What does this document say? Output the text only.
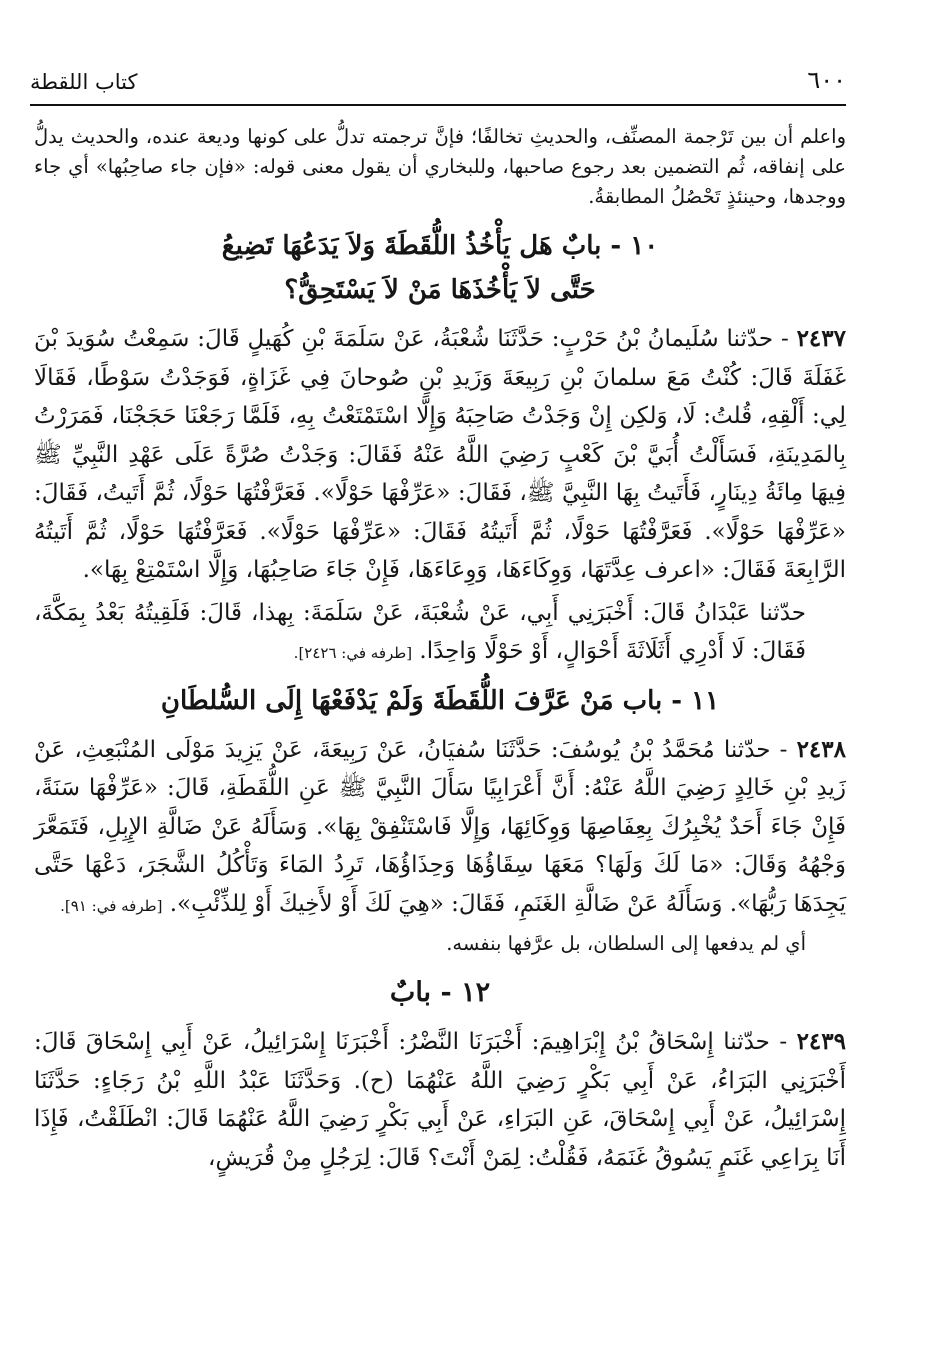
٦٠٠
كتاب اللقطة

واعلم أن بين تَرْجمة المصنِّف، والحديثِ تخالفًا؛ فإنَّ ترجمته تدلُّ على كونها وديعة عنده، والحديث يدلُّ على إنفاقه، ثُم التضمين بعد رجوع صاحبها، وللبخاري أن يقول معنى قوله: «فإن جاء صاحِبُها» أي جاء ووجدها، وحينئذٍ تَحْصُلُ المطابقةُ.

١٠ - بابٌ هَل يَأْخُذُ اللُّقَطَةَ وَلاَ يَدَعُهَا تَضِيعُ
حَتَّى لاَ يَأْخُذَهَا مَنْ لاَ يَسْتَحِقُّ؟

٢٤٣٧ - حدّثنا سُلَيمانُ بْنُ حَرْبٍ: حَدَّثَنَا شُعْبَةُ، عَنْ سَلَمَةَ بْنِ كُهَيلٍ قَالَ: سَمِعْتُ سُوَيدَ بْنَ غَفَلَةَ قَالَ: كُنْتُ مَعَ سلمانَ بْنِ رَبِيعَةَ وَزَيدِ بْنِ صُوحانَ فِي غَزَاةٍ، فَوَجَدْتُ سَوْطًا، فَقَالَا لِي: أَلْقِهِ، قُلتُ: لَا، وَلكِن إِنْ وَجَدْتُ صَاحِبَهُ وَإِلَّا اسْتَمْتَعْتُ بِهِ، فَلَمَّا رَجَعْنَا حَجَجْنَا، فَمَرَرْتُ بِالمَدِينَةِ، فَسَأَلْتُ أُبَيَّ بْنَ كَعْبٍ رَضِيَ اللَّهُ عَنْهُ فَقَالَ: وَجَدْتُ صُرَّةً عَلَى عَهْدِ النَّبِيِّ ﷺ فِيهَا مِائَةُ دِينَارٍ، فَأَتَيتُ بِهَا النَّبِيَّ ﷺ، فَقَالَ: «عَرِّفْهَا حَوْلًا». فَعَرَّفْتُهَا حَوْلًا، ثُمَّ أَتَيتُ، فَقَالَ: «عَرِّفْهَا حَوْلًا». فَعَرَّفْتُهَا حَوْلًا، ثُمَّ أَتَيتُهُ فَقَالَ: «عَرِّفْهَا حَوْلًا». فَعَرَّفْتُهَا حَوْلًا، ثُمَّ أَتَيتُهُ الرَّابِعَةَ فَقَالَ: «اعرف عِدَّتَهَا، وَوِكَاءَهَا، وَوِعَاءَهَا، فَإِنْ جَاءَ صَاحِبُهَا، وَإِلَّا اسْتَمْتِعْ بِهَا».

حدّثنا عَبْدَانُ قَالَ: أَخْبَرَنِي أَبِي، عَنْ شُعْبَةَ، عَنْ سَلَمَةَ: بِهذا، قَالَ: فَلَقِيتُهُ بَعْدُ بِمَكَّةَ، فَقَالَ: لَا أَدْرِي أَثَلَاثَةَ أَحْوَالٍ، أَوْ حَوْلًا وَاحِدًا. [طرفه في: ٢٤٢٦].

١١ - باب مَنْ عَرَّفَ اللُّقَطَةَ وَلَمْ يَدْفَعْهَا إِلَى السُّلطَانِ

٢٤٣٨ - حدّثنا مُحَمَّدُ بْنُ يُوسُفَ: حَدَّثَنَا سُفيَانُ، عَنْ رَبِيعَةَ، عَنْ يَزِيدَ مَوْلَى المُنْبَعِثِ، عَنْ زَيدِ بْنِ خَالِدٍ رَضِيَ اللَّهُ عَنْهُ: أَنَّ أَعْرَابِيًا سَأَلَ النَّبِيَّ ﷺ عَنِ اللُّقَطَةِ، قَالَ: «عَرِّفْهَا سَنَةً، فَإِنْ جَاءَ أَحَدٌ يُخْبِرُكَ بِعِفَاصِهَا وَوِكَائِهَا، وَإِلَّا فَاسْتَنْفِقْ بِهَا». وَسَأَلَهُ عَنْ ضَالَّةِ الإِبِلِ، فَتَمَعَّرَ وَجْهُهُ وَقَالَ: «مَا لَكَ وَلَهَا؟ مَعَهَا سِقَاؤُهَا وَحِذَاؤُهَا، تَرِدُ المَاءَ وَتَأْكُلُ الشَّجَرَ، دَعْهَا حَتَّى يَجِدَهَا رَبُّهَا». وَسَأَلَهُ عَنْ ضَالَّةِ الغَنَمِ، فَقَالَ: «هِيَ لَكَ أَوْ لأَخِيكَ أَوْ لِلذِّئْبِ». [طرفه في: ٩١].

أي لم يدفعها إلى السلطان، بل عرَّفها بنفسه.

١٢ - بابٌ

٢٤٣٩ - حدّثنا إِسْحَاقُ بْنُ إِبْرَاهِيمَ: أَخْبَرَنَا النَّضْرُ: أَخْبَرَنَا إِسْرَائِيلُ، عَنْ أَبِي إِسْحَاقَ قَالَ: أَخْبَرَنِي البَرَاءُ، عَنْ أَبِي بَكْرٍ رَضِيَ اللَّهُ عَنْهُمَا (ح). وَحَدَّثَنَا عَبْدُ اللَّهِ بْنُ رَجَاءٍ: حَدَّثَنَا إِسْرَائِيلُ، عَنْ أَبِي إِسْحَاقَ، عَنِ البَرَاءِ، عَنْ أَبِي بَكْرٍ رَضِيَ اللَّهُ عَنْهُمَا قَالَ: انْطَلَقْتُ، فَإِذَا أَنَا بِرَاعِي غَنَمٍ يَسُوقُ غَنَمَهُ، فَقُلْتُ: لِمَنْ أَنْتَ؟ قَالَ: لِرَجُلٍ مِنْ قُرَيشٍ،
